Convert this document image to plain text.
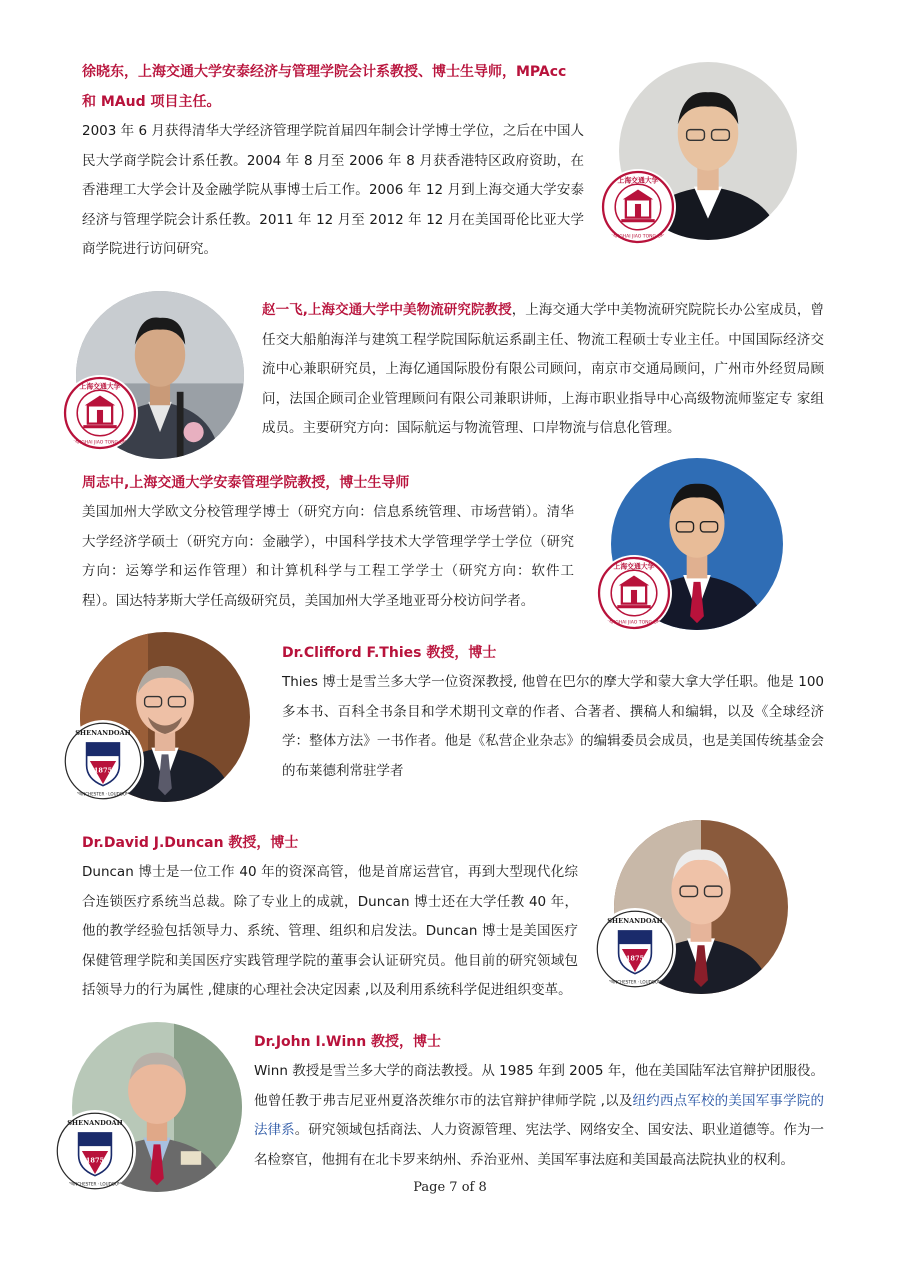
徐晓东，上海交通大学安泰经济与管理学院会计系教授、博士生导师，MPAcc 和 MAud 项目主任。

2003 年 6 月获得清华大学经济管理学院首届四年制会计学博士学位，之后在中国人民大学商学院会计系任教。2004 年 8 月至 2006 年 8 月获香港特区政府资助，在香港理工大学会计及金融学院从事博士后工作。2006 年 12 月到上海交通大学安泰经济与管理学院会计系任教。2011 年 12 月至 2012 年 12 月在美国哥伦比亚大学商学院进行访问研究。

赵一飞,上海交通大学中美物流研究院教授，上海交通大学中美物流研究院院长办公室成员，曾任交大船舶海洋与建筑工程学院国际航运系副主任、物流工程硕士专业主任。中国国际经济交流中心兼职研究员，上海亿通国际股份有限公司顾问，南京市交通局顾问，广州市外经贸局顾问，法国企顾司企业管理顾问有限公司兼职讲师，上海市职业指导中心高级物流师鉴定专 家组成员。主要研究方向：国际航运与物流管理、口岸物流与信息化管理。

周志中,上海交通大学安泰管理学院教授，博士生导师

美国加州大学欧文分校管理学博士（研究方向：信息系统管理、市场营销）。清华大学经济学硕士（研究方向：金融学），中国科学技术大学管理学学士学位（研究方向：运筹学和运作管理）和计算机科学与工程工学学士（研究方向：软件工程）。国达特茅斯大学任高级研究员，美国加州大学圣地亚哥分校访问学者。

Dr.Clifford F.Thies 教授，博士

Thies 博士是雪兰多大学一位资深教授, 他曾在巴尔的摩大学和蒙大拿大学任职。他是 100 多本书、百科全书条目和学术期刊文章的作者、合著者、撰稿人和编辑，以及《全球经济学：整体方法》一书作者。他是《私营企业杂志》的编辑委员会成员，也是美国传统基金会的布莱德利常驻学者

Dr.David J.Duncan 教授，博士

Duncan 博士是一位工作 40 年的资深高管，他是首席运营官，再到大型现代化综合连锁医疗系统当总裁。除了专业上的成就，Duncan 博士还在大学任教 40 年，他的教学经验包括领导力、系统、管理、组织和启发法。Duncan 博士是美国医疗保健管理学院和美国医疗实践管理学院的董事会认证研究员。他目前的研究领域包括领导力的行为属性 ,健康的心理社会决定因素 ,以及利用系统科学促进组织变革。

Dr.John I.Winn 教授，博士

Winn 教授是雪兰多大学的商法教授。从 1985 年到 2005 年，他在美国陆军法官辩护团服役。他曾任教于弗吉尼亚州夏洛茨维尔市的法官辩护律师学院 ,以及纽约西点军校的美国军事学院的法律系。研究领域包括商法、人力资源管理、宪法学、网络安全、国安法、职业道德等。作为一名检察官，他拥有在北卡罗来纳州、乔治亚州、美国军事法庭和美国最高法院执业的权利。

Page 7 of 8
